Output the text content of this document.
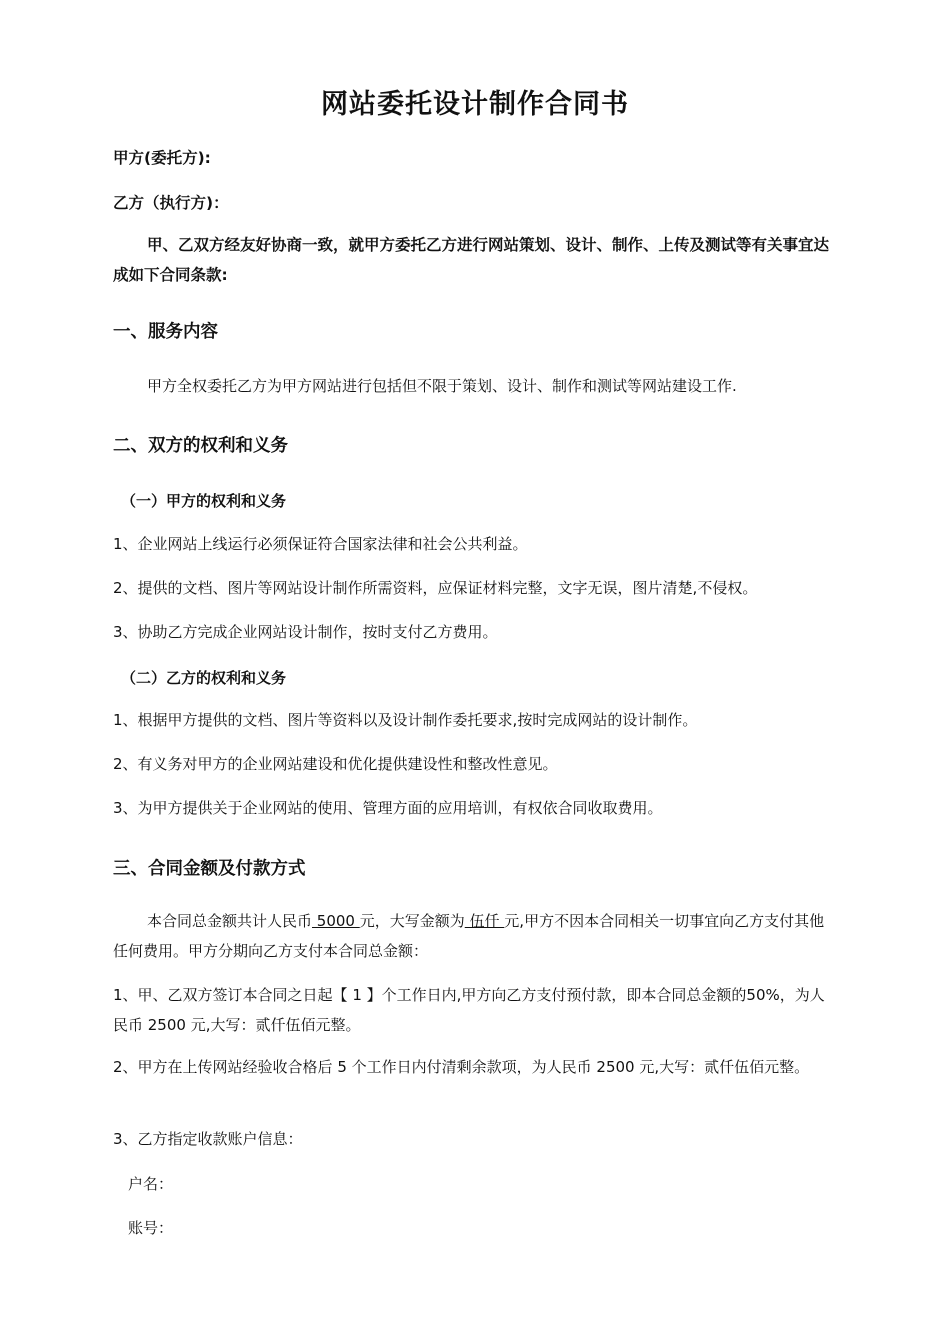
网站委托设计制作合同书

甲方(委托方):

乙方（执行方)：

甲、乙双方经友好协商一致，就甲方委托乙方进行网站策划、设计、制作、上传及测试等有关事宜达成如下合同条款:

一、服务内容

甲方全权委托乙方为甲方网站进行包括但不限于策划、设计、制作和测试等网站建设工作.

二、双方的权利和义务

（一）甲方的权利和义务

1、企业网站上线运行必须保证符合国家法律和社会公共利益。

2、提供的文档、图片等网站设计制作所需资料，应保证材料完整，文字无误，图片清楚,不侵权。

3、协助乙方完成企业网站设计制作，按时支付乙方费用。

（二）乙方的权利和义务

1、根据甲方提供的文档、图片等资料以及设计制作委托要求,按时完成网站的设计制作。

2、有义务对甲方的企业网站建设和优化提供建设性和整改性意见。

3、为甲方提供关于企业网站的使用、管理方面的应用培训，有权依合同收取费用。

三、合同金额及付款方式

本合同总金额共计人民币 5000 元，大写金额为 伍仟 元,甲方不因本合同相关一切事宜向乙方支付其他任何费用。甲方分期向乙方支付本合同总金额：

1、甲、乙双方签订本合同之日起【 1 】个工作日内,甲方向乙方支付预付款，即本合同总金额的50%，为人民币 2500 元,大写：贰仟伍佰元整。

2、甲方在上传网站经验收合格后 5 个工作日内付清剩余款项，为人民币 2500 元,大写：贰仟伍佰元整。

3、乙方指定收款账户信息：

户名：

账号：
